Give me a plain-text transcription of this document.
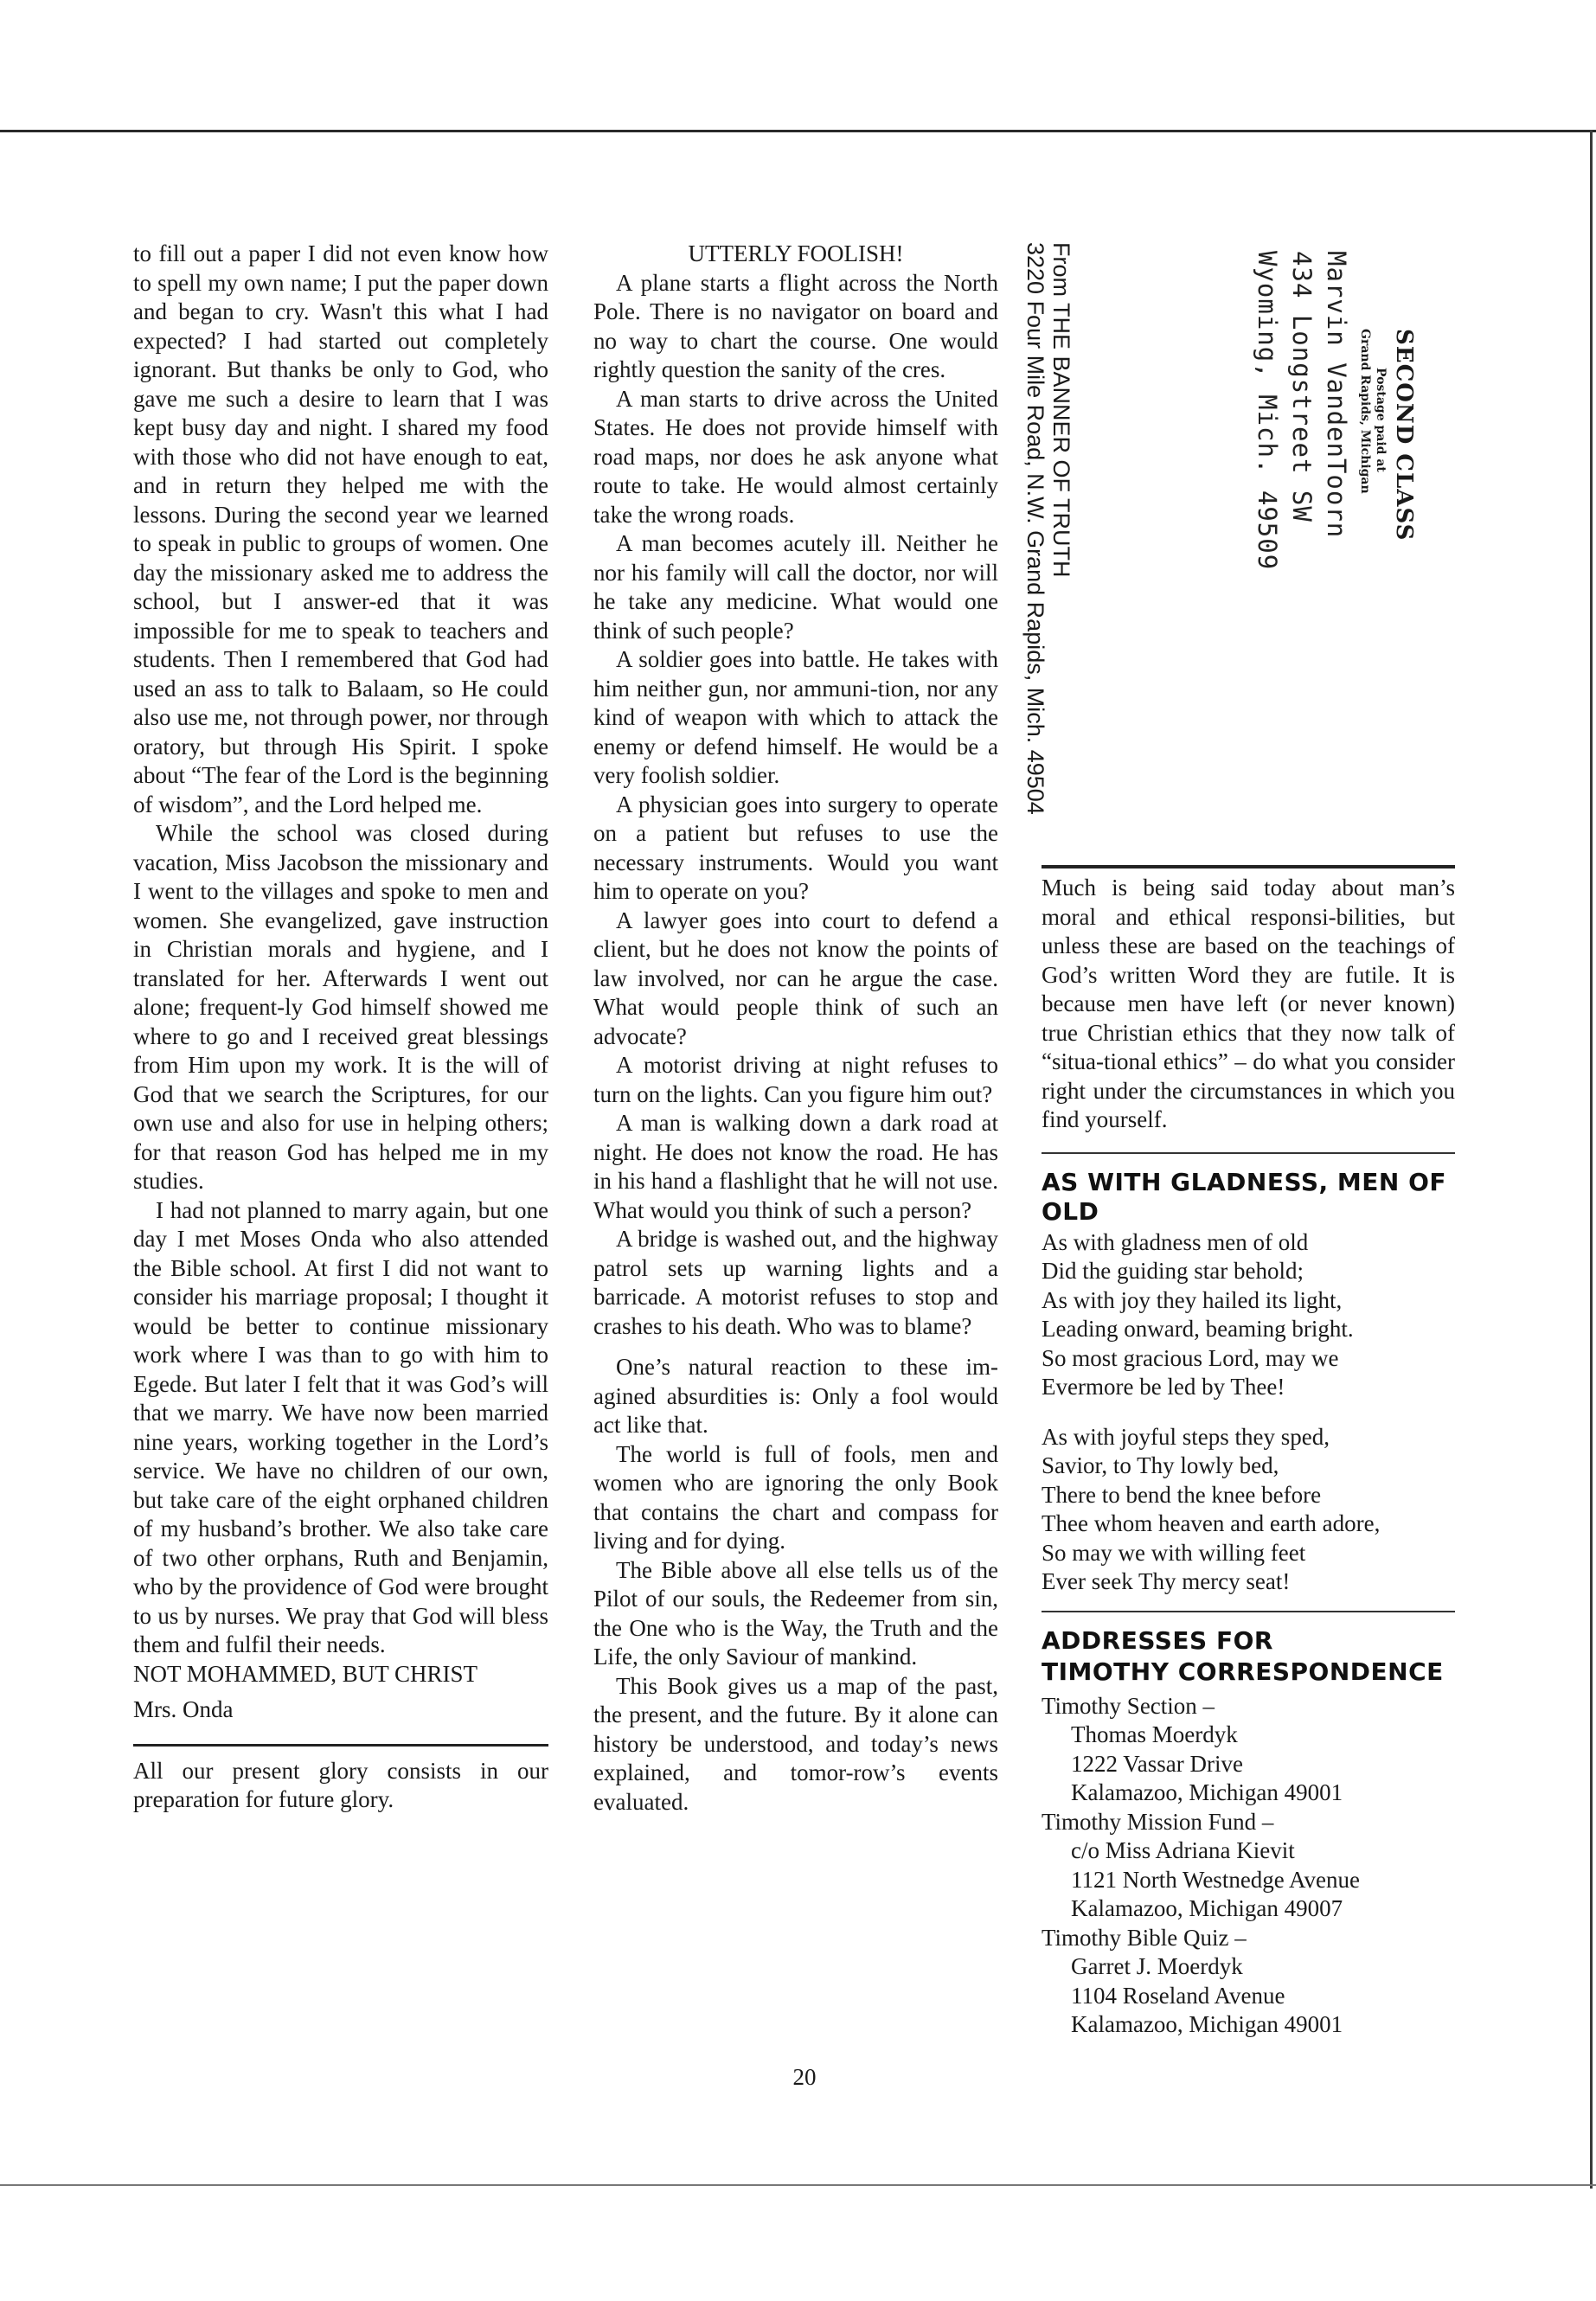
to fill out a paper I did not even know how to spell my own name; I put the paper down and began to cry. Wasn't this what I had expected? I had started out completely ignorant. But thanks be only to God, who gave me such a desire to learn that I was kept busy day and night. I shared my food with those who did not have enough to eat, and in return they helped me with the lessons. During the second year we learned to speak in public to groups of women. One day the missionary asked me to address the school, but I answer-ed that it was impossible for me to speak to teachers and students. Then I remembered that God had used an ass to talk to Balaam, so He could also use me, not through power, nor through oratory, but through His Spirit. I spoke about “The fear of the Lord is the beginning of wisdom”, and the Lord helped me.

While the school was closed during vacation, Miss Jacobson the missionary and I went to the villages and spoke to men and women. She evangelized, gave instruction in Christian morals and hygiene, and I translated for her. Afterwards I went out alone; frequent-ly God himself showed me where to go and I received great blessings from Him upon my work. It is the will of God that we search the Scriptures, for our own use and also for use in helping others; for that reason God has helped me in my studies.

I had not planned to marry again, but one day I met Moses Onda who also attended the Bible school. At first I did not want to consider his marriage proposal; I thought it would be better to continue missionary work where I was than to go with him to Egede. But later I felt that it was God’s will that we marry. We have now been married nine years, working together in the Lord’s service. We have no children of our own, but take care of the eight orphaned children of my husband’s brother. We also take care of two other orphans, Ruth and Benjamin, who by the providence of God were brought to us by nurses. We pray that God will bless them and fulfil their needs.

NOT MOHAMMED, BUT CHRIST

Mrs. Onda

All our present glory consists in our preparation for future glory.

UTTERLY FOOLISH!

A plane starts a flight across the North Pole. There is no navigator on board and no way to chart the course. One would rightly question the sanity of the cres.

A man starts to drive across the United States. He does not provide himself with road maps, nor does he ask anyone what route to take. He would almost certainly take the wrong roads.

A man becomes acutely ill. Neither he nor his family will call the doctor, nor will he take any medicine. What would one think of such people?

A soldier goes into battle. He takes with him neither gun, nor ammuni-tion, nor any kind of weapon with which to attack the enemy or defend himself. He would be a very foolish soldier.

A physician goes into surgery to operate on a patient but refuses to use the necessary instruments. Would you want him to operate on you?

A lawyer goes into court to defend a client, but he does not know the points of law involved, nor can he argue the case. What would people think of such an advocate?

A motorist driving at night refuses to turn on the lights. Can you figure him out?

A man is walking down a dark road at night. He does not know the road. He has in his hand a flashlight that he will not use. What would you think of such a person?

A bridge is washed out, and the highway patrol sets up warning lights and a barricade. A motorist refuses to stop and crashes to his death. Who was to blame?

One’s natural reaction to these im-agined absurdities is: Only a fool would act like that.

The world is full of fools, men and women who are ignoring the only Book that contains the chart and compass for living and for dying.

The Bible above all else tells us of the Pilot of our souls, the Redeemer from sin, the One who is the Way, the Truth and the Life, the only Saviour of mankind.

This Book gives us a map of the past, the present, and the future. By it alone can history be understood, and today’s news explained, and tomor-row’s events evaluated.

From THE BANNER OF TRUTH
3220 Four Mile Road, N.W. Grand Rapids, Mich. 49504	SECOND CLASS
Postage paid at
Grand Rapids, Michigan
Marvin VandenToorn
434 Longstreet SW
Wyoming, Mich. 49509

Much is being said today about man’s moral and ethical responsi-bilities, but unless these are based on the teachings of God’s written Word they are futile. It is because men have left (or never known) true Christian ethics that they now talk of “situa-tional ethics” – do what you consider right under the circumstances in which you find yourself.

AS WITH GLADNESS, MEN OF OLD

As with gladness men of old

Did the guiding star behold;

As with joy they hailed its light,

Leading onward, beaming bright.

So most gracious Lord, may we

Evermore be led by Thee!

As with joyful steps they sped,

Savior, to Thy lowly bed,

There to bend the knee before

Thee whom heaven and earth adore,

So may we with willing feet

Ever seek Thy mercy seat!

ADDRESSES FOR
TIMOTHY CORRESPONDENCE

Timothy Section –

Thomas Moerdyk

1222 Vassar Drive

Kalamazoo, Michigan 49001

Timothy Mission Fund –

c/o Miss Adriana Kievit

1121 North Westnedge Avenue

Kalamazoo, Michigan 49007

Timothy Bible Quiz –

Garret J. Moerdyk

1104 Roseland Avenue

Kalamazoo, Michigan 49001

20
